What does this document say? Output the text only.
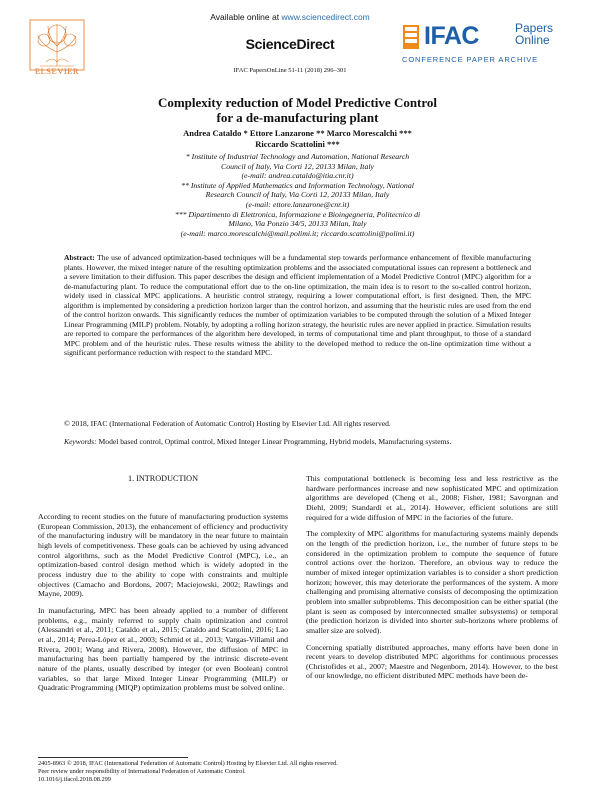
ELSEVIER
Available online at www.sciencedirect.com
ScienceDirect
IFAC PapersOnLine 51-11 (2018) 296–301
IFAC	Papers
Online
CONFERENCE PAPER ARCHIVE
Complexity reduction of Model Predictive Control
for a de-manufacturing plant
Andrea Cataldo * Ettore Lanzarone ** Marco Morescalchi ***
Riccardo Scattolini ***
* Institute of Industrial Technology and Automation, National Research
Council of Italy, Via Corti 12, 20133 Milan, Italy
(e-mail: andrea.cataldo@itia.cnr.it)
** Institute of Applied Mathematics and Information Technology, National
Research Council of Italy, Via Corti 12, 20133 Milan, Italy
(e-mail: ettore.lanzarone@cnr.it)
*** Dipartimento di Elettronica, Informazione e Bioingegneria, Politecnico di
Milano, Via Ponzio 34/5, 20133 Milan, Italy
(e-mail: marco.morescalchi@mail.polimi.it; riccardo.scattolini@polimi.it)
Abstract: The use of advanced optimization-based techniques will be a fundamental step towards performance enhancement of flexible manufacturing plants. However, the mixed integer nature of the resulting optimization problems and the associated computational issues can represent a bottleneck and a severe limitation to their diffusion. This paper describes the design and efficient implementation of a Model Predictive Control (MPC) algorithm for a de-manufacturing plant. To reduce the computational effort due to the on-line optimization, the main idea is to resort to the so-called control horizon, widely used in classical MPC applications. A heuristic control strategy, requiring a lower computational effort, is first designed. Then, the MPC algorithm is implemented by considering a prediction horizon larger than the control horizon, and assuming that the heuristic rules are used from the end of the control horizon onwards. This significantly reduces the number of optimization variables to be computed through the solution of a Mixed Integer Linear Programming (MILP) problem. Notably, by adopting a rolling horizon strategy, the heuristic rules are never applied in practice. Simulation results are reported to compare the performances of the algorithm here developed, in terms of computational time and plant throughput, to those of a standard MPC problem and of the heuristic rules. These results witness the ability to the developed method to reduce the on-line optimization time without a significant performance reduction with respect to the standard MPC.
© 2018, IFAC (International Federation of Automatic Control) Hosting by Elsevier Ltd. All rights reserved.
Keywords: Model based control, Optimal control, Mixed Integer Linear Programming, Hybrid models, Manufacturing systems.
1. INTRODUCTION

According to recent studies on the future of manufacturing production systems (European Commission, 2013), the enhancement of efficiency and productivity of the manufacturing industry will be mandatory in the near future to maintain high levels of competitiveness. These goals can be achieved by using advanced control algorithms, such as the Model Predictive Control (MPC), i.e., an optimization-based control design method which is widely adopted in the process industry due to the ability to cope with constraints and multiple objectives (Camacho and Bordons, 2007; Maciejowski, 2002; Rawlings and Mayne, 2009).

In manufacturing, MPC has been already applied to a number of different problems, e.g., mainly referred to supply chain optimization and control (Alessandri et al., 2011; Cataldo et al., 2015; Cataldo and Scattolini, 2016; Lao et al., 2014; Perea-López et al., 2003; Schmid et al., 2013; Vargas-Villamil and Rivera, 2001; Wang and Rivera, 2008). However, the diffusion of MPC in manufacturing has been partially hampered by the intrinsic discrete-event nature of the plants, usually described by integer (or even Boolean) control variables, so that large Mixed Integer Linear Programming (MILP) or Quadratic Programming (MIQP) optimization problems must be solved online.

This computational bottleneck is becoming less and less restrictive as the hardware performances increase and new sophisticated MPC and optimization algorithms are developed (Cheng et al., 2008; Fisher, 1981; Savorgnan and Diehl, 2009; Standardi et al., 2014). However, efficient solutions are still required for a wide diffusion of MPC in the factories of the future.

The complexity of MPC algorithms for manufacturing systems mainly depends on the length of the prediction horizon, i.e., the number of future steps to be considered in the optimization problem to compute the sequence of future control actions over the horizon. Therefore, an obvious way to reduce the number of mixed integer optimization variables is to consider a short prediction horizon; however, this may deteriorate the performances of the system. A more challenging and promising alternative consists of decomposing the optimization problem into smaller subproblems. This decomposition can be either spatial (the plant is seen as composed by interconnected smaller subsystems) or temporal (the prediction horizon is divided into shorter sub-horizons where problems of smaller size are solved).

Concerning spatially distributed approaches, many efforts have been done in recent years to develop distributed MPC algorithms for continuous processes (Christofides et al., 2007; Maestre and Negenborn, 2014). However, to the best of our knowledge, no efficient distributed MPC methods have been de-

2405-8963 © 2018, IFAC (International Federation of Automatic Control) Hosting by Elsevier Ltd. All rights reserved.
Peer review under responsibility of International Federation of Automatic Control.
10.1016/j.ifacol.2018.08.299
